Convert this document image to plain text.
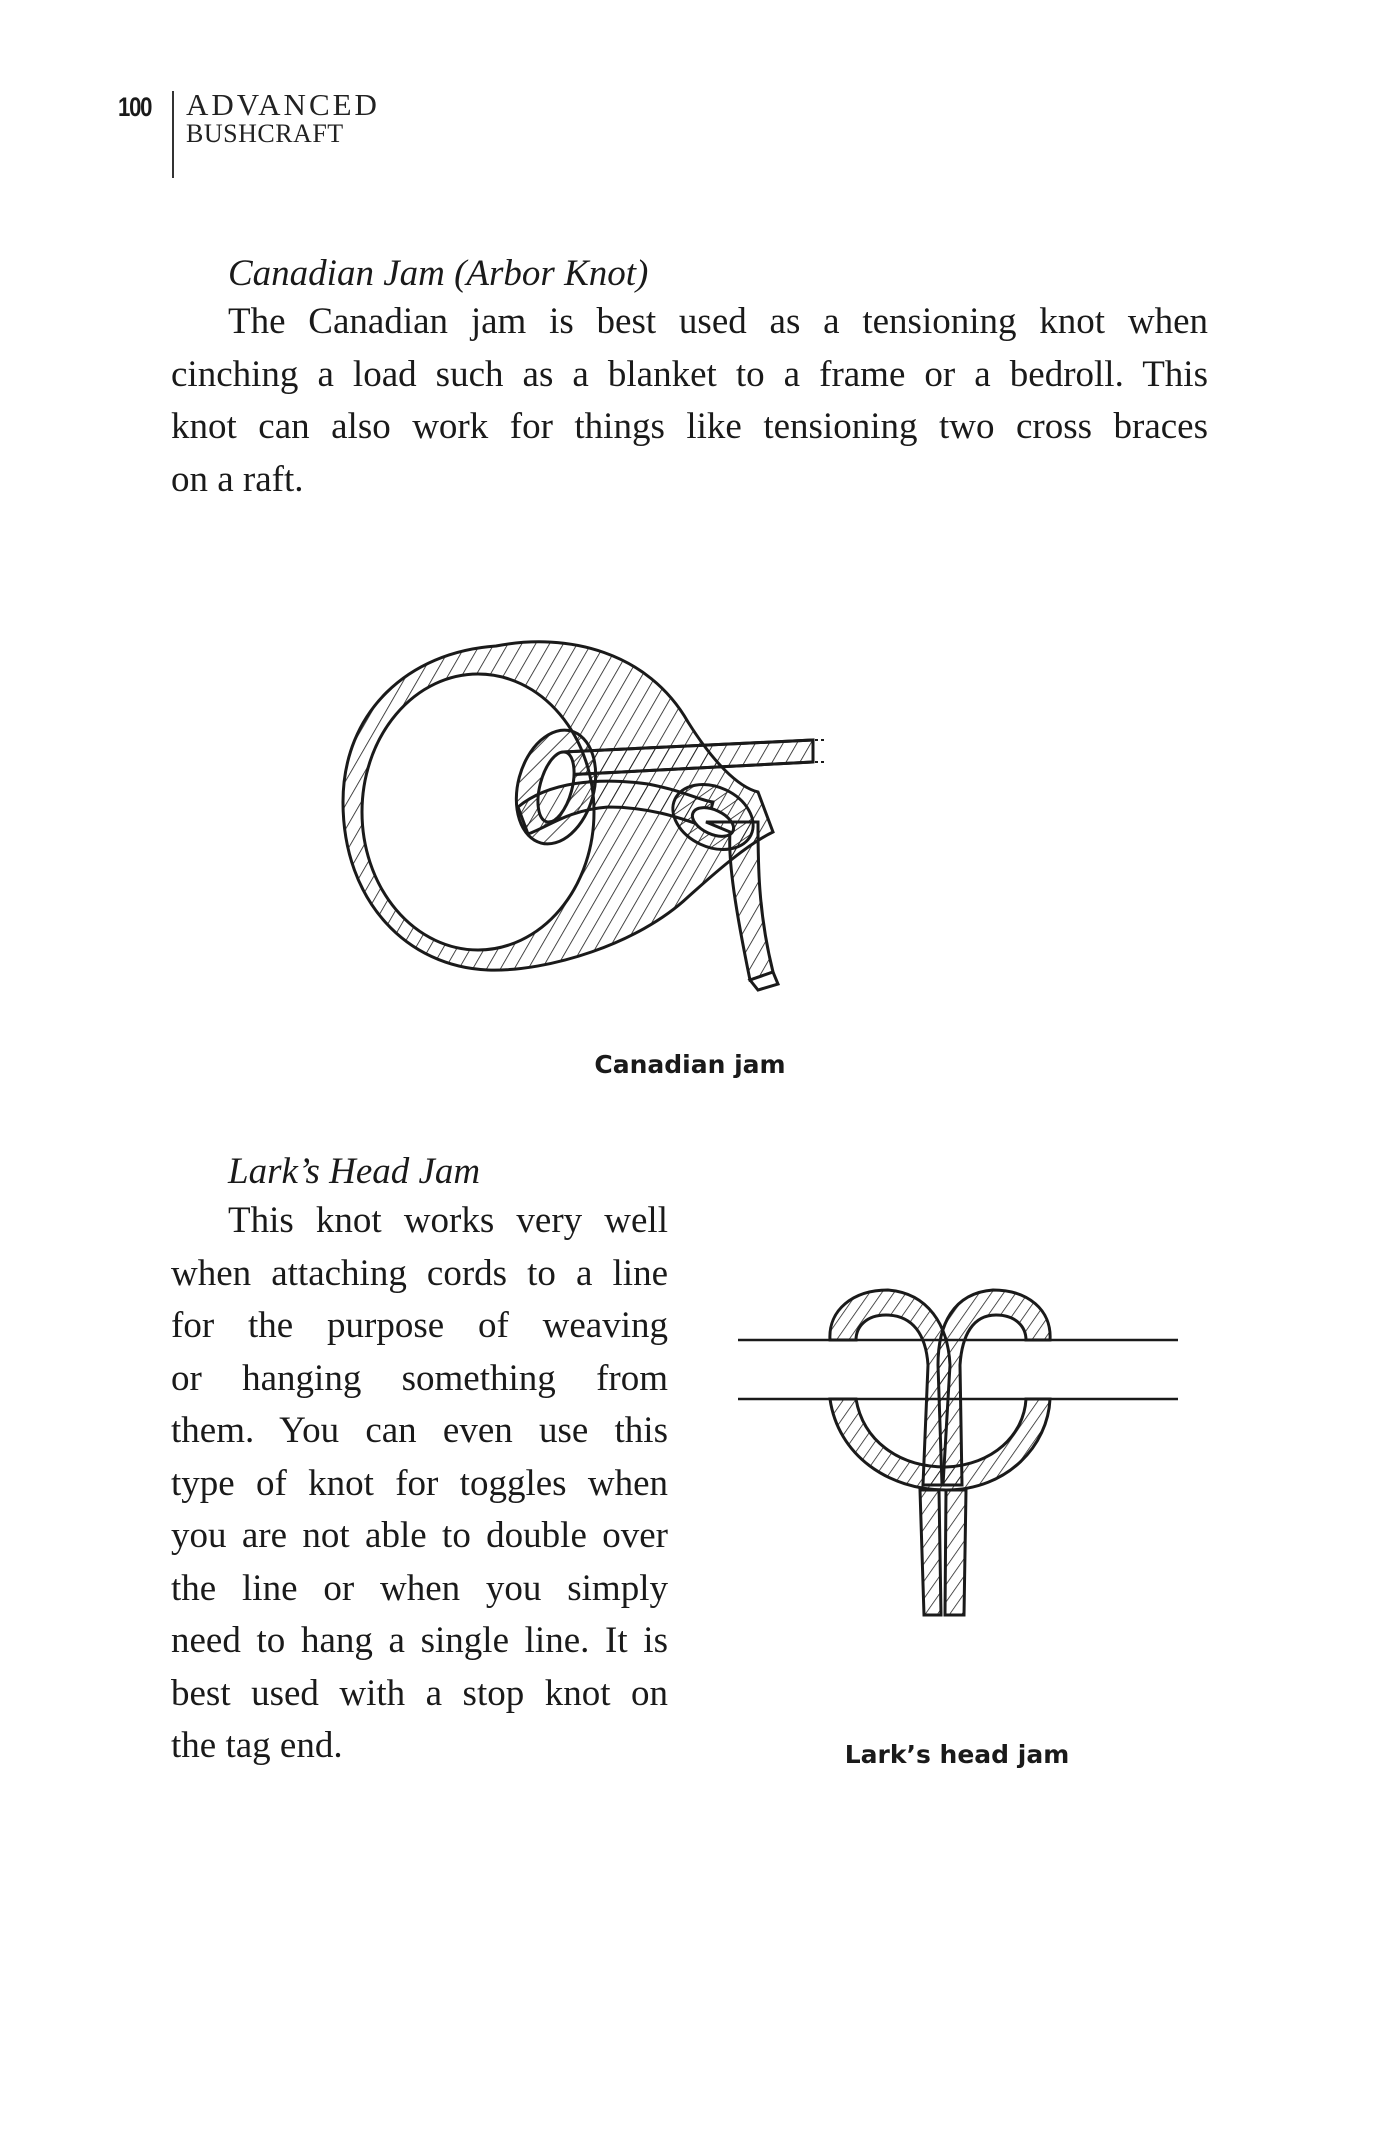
100 ADVANCED
BUSHCRAFT
Canadian Jam (Arbor Knot)
The Canadian jam is best used as a tensioning knot when
cinching a load such as a blanket to a frame or a bedroll. This
knot can also work for things like tensioning two cross braces
on a raft.
Canadian jam
Lark’s Head Jam
This knot works very well
when attaching cords to a line
for the purpose of weaving
or hanging something from
them. You can even use this
type of knot for toggles when
you are not able to double over
the line or when you simply
need to hang a single line. It is
best used with a stop knot on
the tag end.	Lark’s head jam
